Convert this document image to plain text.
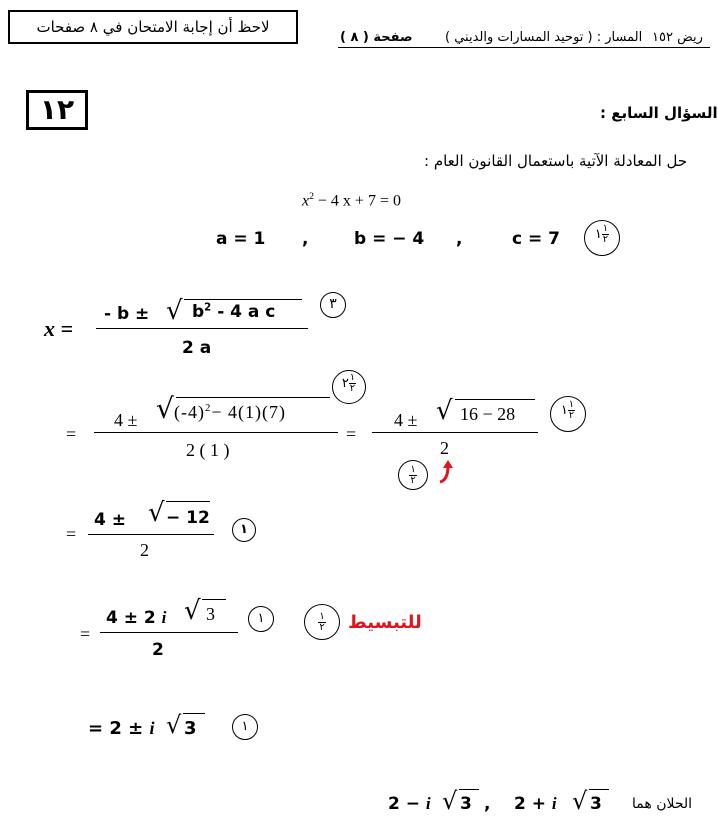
لاحظ أن إجابة الامتحان في ٨ صفحات
صفحة ( ٨ ) المسار : ( توحيد المسارات والديني ) ريض ١٥٢
١٢	السؤال السابع :
حل المعادلة الآتية باستعمال القانون العام :
$x^2 - 4$ x + 7 = 0
a = 1 ,	b = − 4 ,	c = 7	١ $\frac{١}{٢}$
x =
- b ± √ $b^2 - 4$ a c
2 a
٣
٢ $\frac{١}{٢}$
=
4 ± √ $(-4)^2- 4(1)(7)$
2 ( 1 )
=
4 ± √ 16 − 28
2
١ $\frac{١}{٢}$
$\frac{١}{٢}$
=
4 ± √ − 12
2
١
=
4 ± 2 i √ 3
2
١	$\frac{١}{٢}$ للتبسيط
= 2 ± i √ 3	١
2 − i √ 3 , 2 + i √ 3 الحلان هما
